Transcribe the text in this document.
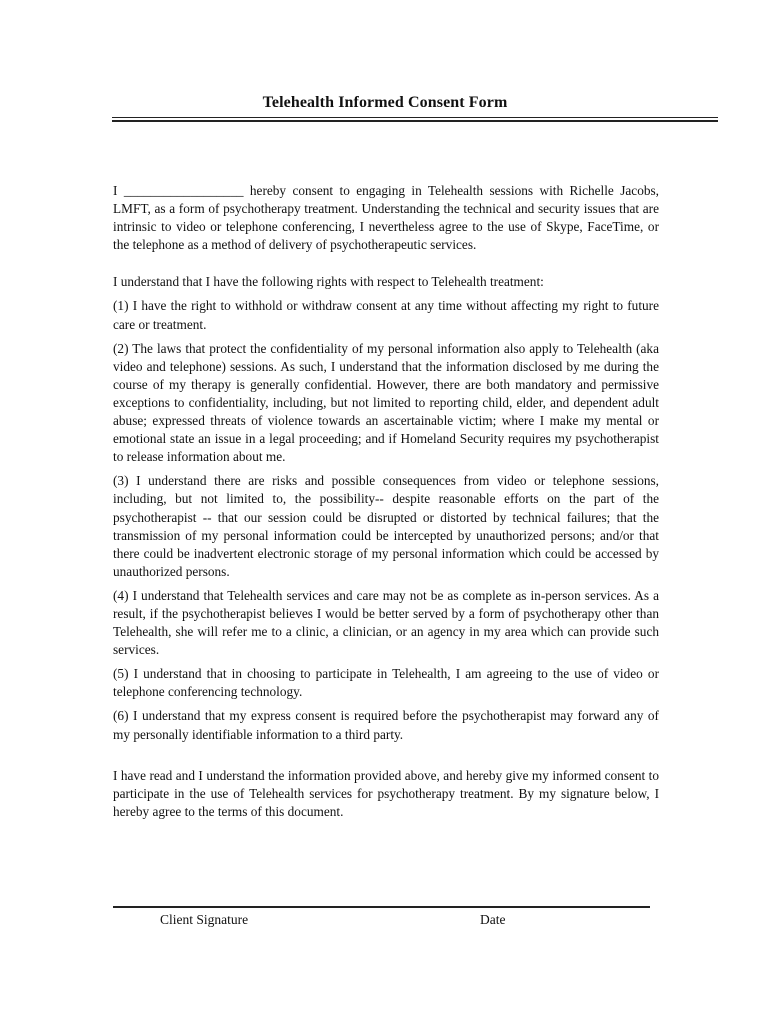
Telehealth Informed Consent Form

I __________________ hereby consent to engaging in Telehealth sessions with Richelle Jacobs, LMFT, as a form of psychotherapy treatment. Understanding the technical and security issues that are intrinsic to video or telephone conferencing, I nevertheless agree to the use of Skype, FaceTime, or the telephone as a method of delivery of psychotherapeutic services.

I understand that I have the following rights with respect to Telehealth treatment:

(1) I have the right to withhold or withdraw consent at any time without affecting my right to future care or treatment.

(2) The laws that protect the confidentiality of my personal information also apply to Telehealth (aka video and telephone) sessions. As such, I understand that the information disclosed by me during the course of my therapy is generally confidential. However, there are both mandatory and permissive exceptions to confidentiality, including, but not limited to reporting child, elder, and dependent adult abuse; expressed threats of violence towards an ascertainable victim; where I make my mental or emotional state an issue in a legal proceeding; and if Homeland Security requires my psychotherapist to release information about me.

(3) I understand there are risks and possible consequences from video or telephone sessions, including, but not limited to, the possibility-- despite reasonable efforts on the part of the psychotherapist -- that our session could be disrupted or distorted by technical failures; that the transmission of my personal information could be intercepted by unauthorized persons; and/or that there could be inadvertent electronic storage of my personal information which could be accessed by unauthorized persons.

(4) I understand that Telehealth services and care may not be as complete as in-person services. As a result, if the psychotherapist believes I would be better served by a form of psychotherapy other than Telehealth, she will refer me to a clinic, a clinician, or an agency in my area which can provide such services.

(5) I understand that in choosing to participate in Telehealth, I am agreeing to the use of video or telephone conferencing technology.

(6) I understand that my express consent is required before the psychotherapist may forward any of my personally identifiable information to a third party.

I have read and I understand the information provided above, and hereby give my informed consent to participate in the use of Telehealth services for psychotherapy treatment. By my signature below, I hereby agree to the terms of this document.

Client Signature	Date
